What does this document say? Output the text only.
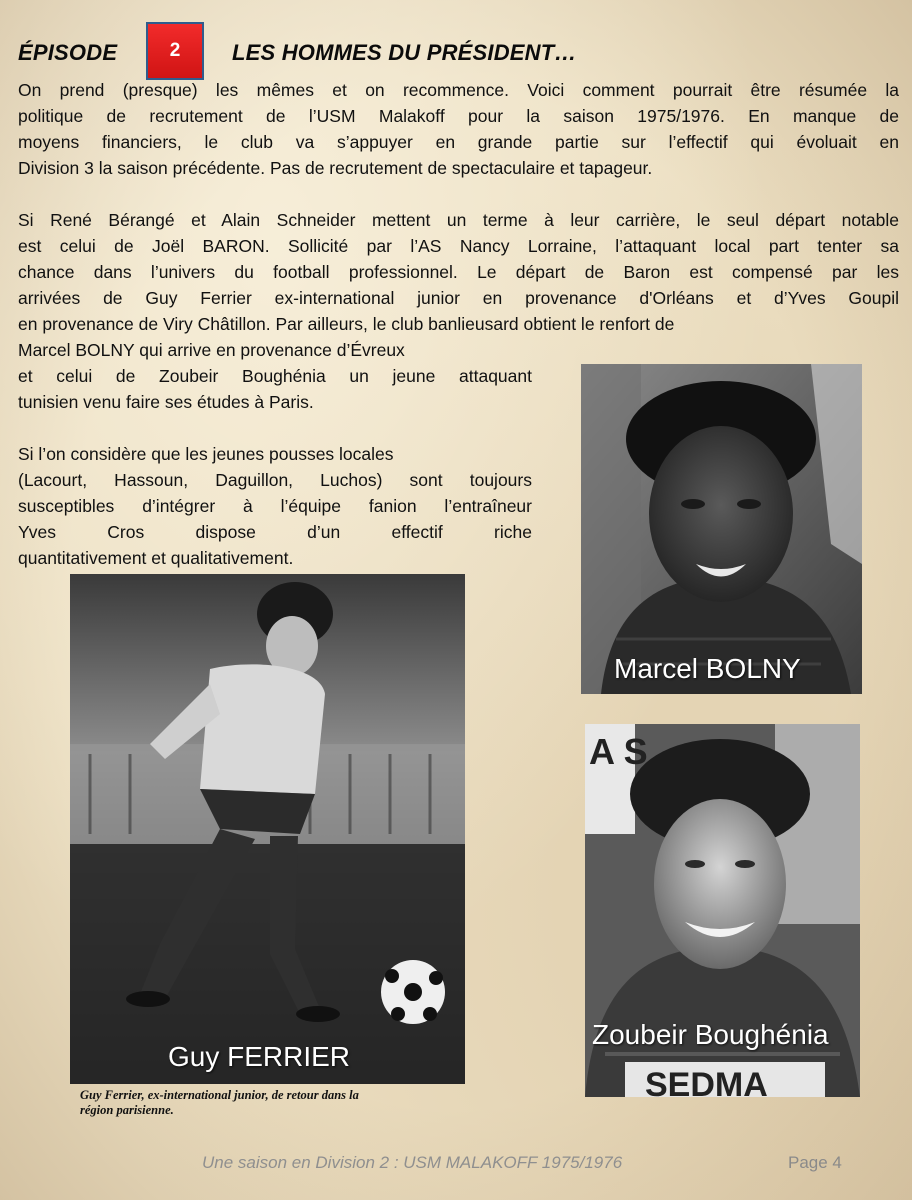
ÉPISODE	2 LES HOMMES DU PRÉSIDENT…
On prend (presque) les mêmes et on recommence. Voici comment pourrait être résumée la
politique de recrutement de l’USM Malakoff pour la saison 1975/1976. En manque de
moyens financiers, le club va s’appuyer en grande partie sur l’effectif qui évoluait en
Division 3 la saison précédente. Pas de recrutement de spectaculaire et tapageur.
Si René Bérangé et Alain Schneider mettent un terme à leur carrière, le seul départ notable
est celui de Joël BARON. Sollicité par l’AS Nancy Lorraine, l’attaquant local part tenter sa
chance dans l’univers du football professionnel. Le départ de Baron est compensé par les
arrivées de Guy Ferrier ex-international junior en provenance d'Orléans et d’Yves Goupil
en provenance de Viry Châtillon. Par ailleurs, le club banlieusard obtient le renfort de
Marcel BOLNY qui arrive en provenance d’Évreux
et celui de Zoubeir Boughénia un jeune attaquant
tunisien venu faire ses études à Paris.
Si l’on considère que les jeunes pousses locales
(Lacourt, Hassoun, Daguillon, Luchos) sont toujours
susceptibles d’intégrer à l’équipe fanion l’entraîneur
Yves Cros dispose d’un effectif riche
quantitativement et qualitativement.
Marcel BOLNY
A S
SEDMA
Zoubeir Boughénia
Guy FERRIER
Guy Ferrier, ex-international junior, de retour dans la
région parisienne.
Une saison en Division 2 : USM MALAKOFF 1975/1976	Page 4
